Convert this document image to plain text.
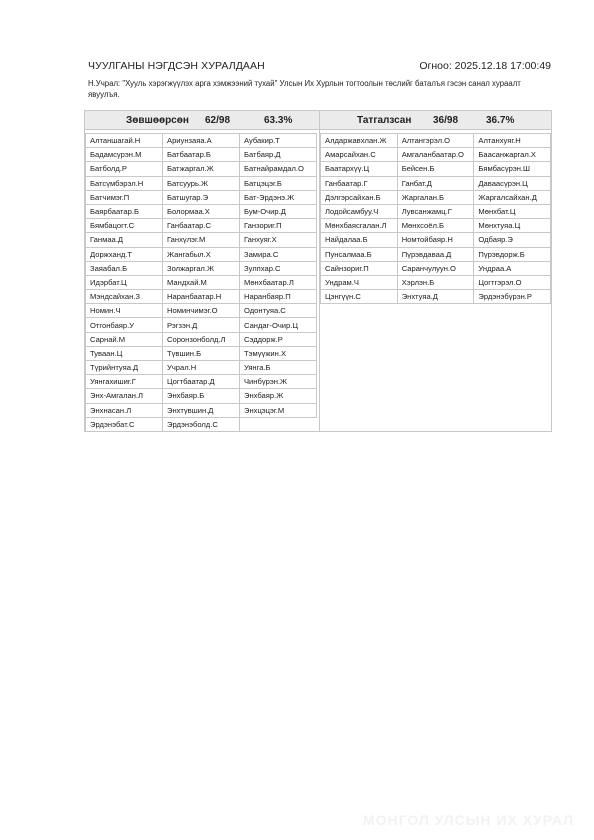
ЧУУЛГАНЫ НЭГДСЭН ХУРАЛДААН	Огноо: 2025.12.18 17:00:49
Н.Учрал: "Хууль хэрэгжүүлэх арга хэмжээний тухай" Улсын Их Хурлын тогтоолын төслийг баталъя гэсэн санал хураалт явуулъя.
Зөвшөөрсөн 62/98	63.3%
Алтаншагай.Н	Ариунзаяа.А	Аубакир.Т
Бадамсүрэн.М	Батбаатар.Б	Батбаяр.Д
Батболд.Р	Батжаргал.Ж	Батнайрамдал.О
Батсүмбэрэл.Н	Батсуурь.Ж	Батцэцэг.Б
Батчимэг.П	Батшугар.Э	Бат-Эрдэнэ.Ж
Баярбаатар.Б	Болормаа.Х	Бум-Очир.Д
Бямбацогт.С	Ганбаатар.С	Ганзориг.П
Ганмаа.Д	Ганхүлэг.М	Ганхуяг.Х
Доржханд.Т	Жангабыл.Х	Замира.С
Заяабал.Б	Золжаргал.Ж	Зулпхар.С
Идэрбат.Ц	Мандхай.М	Мөнхбаатар.Л
Мэндсайхан.З	Наранбаатар.Н	Наранбаяр.П
Номин.Ч	Номинчимэг.О	Одонтуяа.С
Отгонбаяр.У	Рэгзэн.Д	Сандаг-Очир.Ц
Сарнай.М	Соронзонболд.Л	Сэддорж.Р
Туваан.Ц	Түвшин.Б	Тэмүүжин.Х
Түрийнтуяа.Д	Учрал.Н	Уянга.Б
Уянгахишиг.Г	Цогтбаатар.Д	Чинбүрэн.Ж
Энх-Амгалан.Л	Энхбаяр.Б	Энхбаяр.Ж
Энхнасан.Л	Энхтүвшин.Д	Энхцэцэг.М
Эрдэнэбат.С	Эрдэнэболд.С	
Татгалзсан 36/98	36.7%
Алдаржавхлан.Ж	Алтангэрэл.О	Алтанхуяг.Н
Амарсайхан.С	Амгаланбаатар.О	Баасанжаргал.Х
Баатархүү.Ц	Бейсен.Б	Бямбасүрэн.Ш
Ганбаатар.Г	Ганбат.Д	Даваасүрэн.Ц
Дэлгэрсайхан.Б	Жаргалан.Б	Жаргалсайхан.Д
Лодойсамбуу.Ч	Лувсанжамц.Г	Мөнхбат.Ц
Мөнхбаясгалан.Л	Мөнхсоёл.Б	Мөнхтуяа.Ц
Найдалаа.Б	Номтойбаяр.Н	Одбаяр.Э
Пунсалмаа.Б	Пүрэвдаваа.Д	Пүрэвдорж.Б
Сайнзориг.П	Саранчулуун.О	Ундраа.А
Ундрам.Ч	Хэрлэн.Б	Цогтгэрэл.О
Цэнгүүн.С	Энхтуяа.Д	Эрдэнэбүрэн.Р
МОНГОЛ УЛСЫН ИХ ХУРАЛ
